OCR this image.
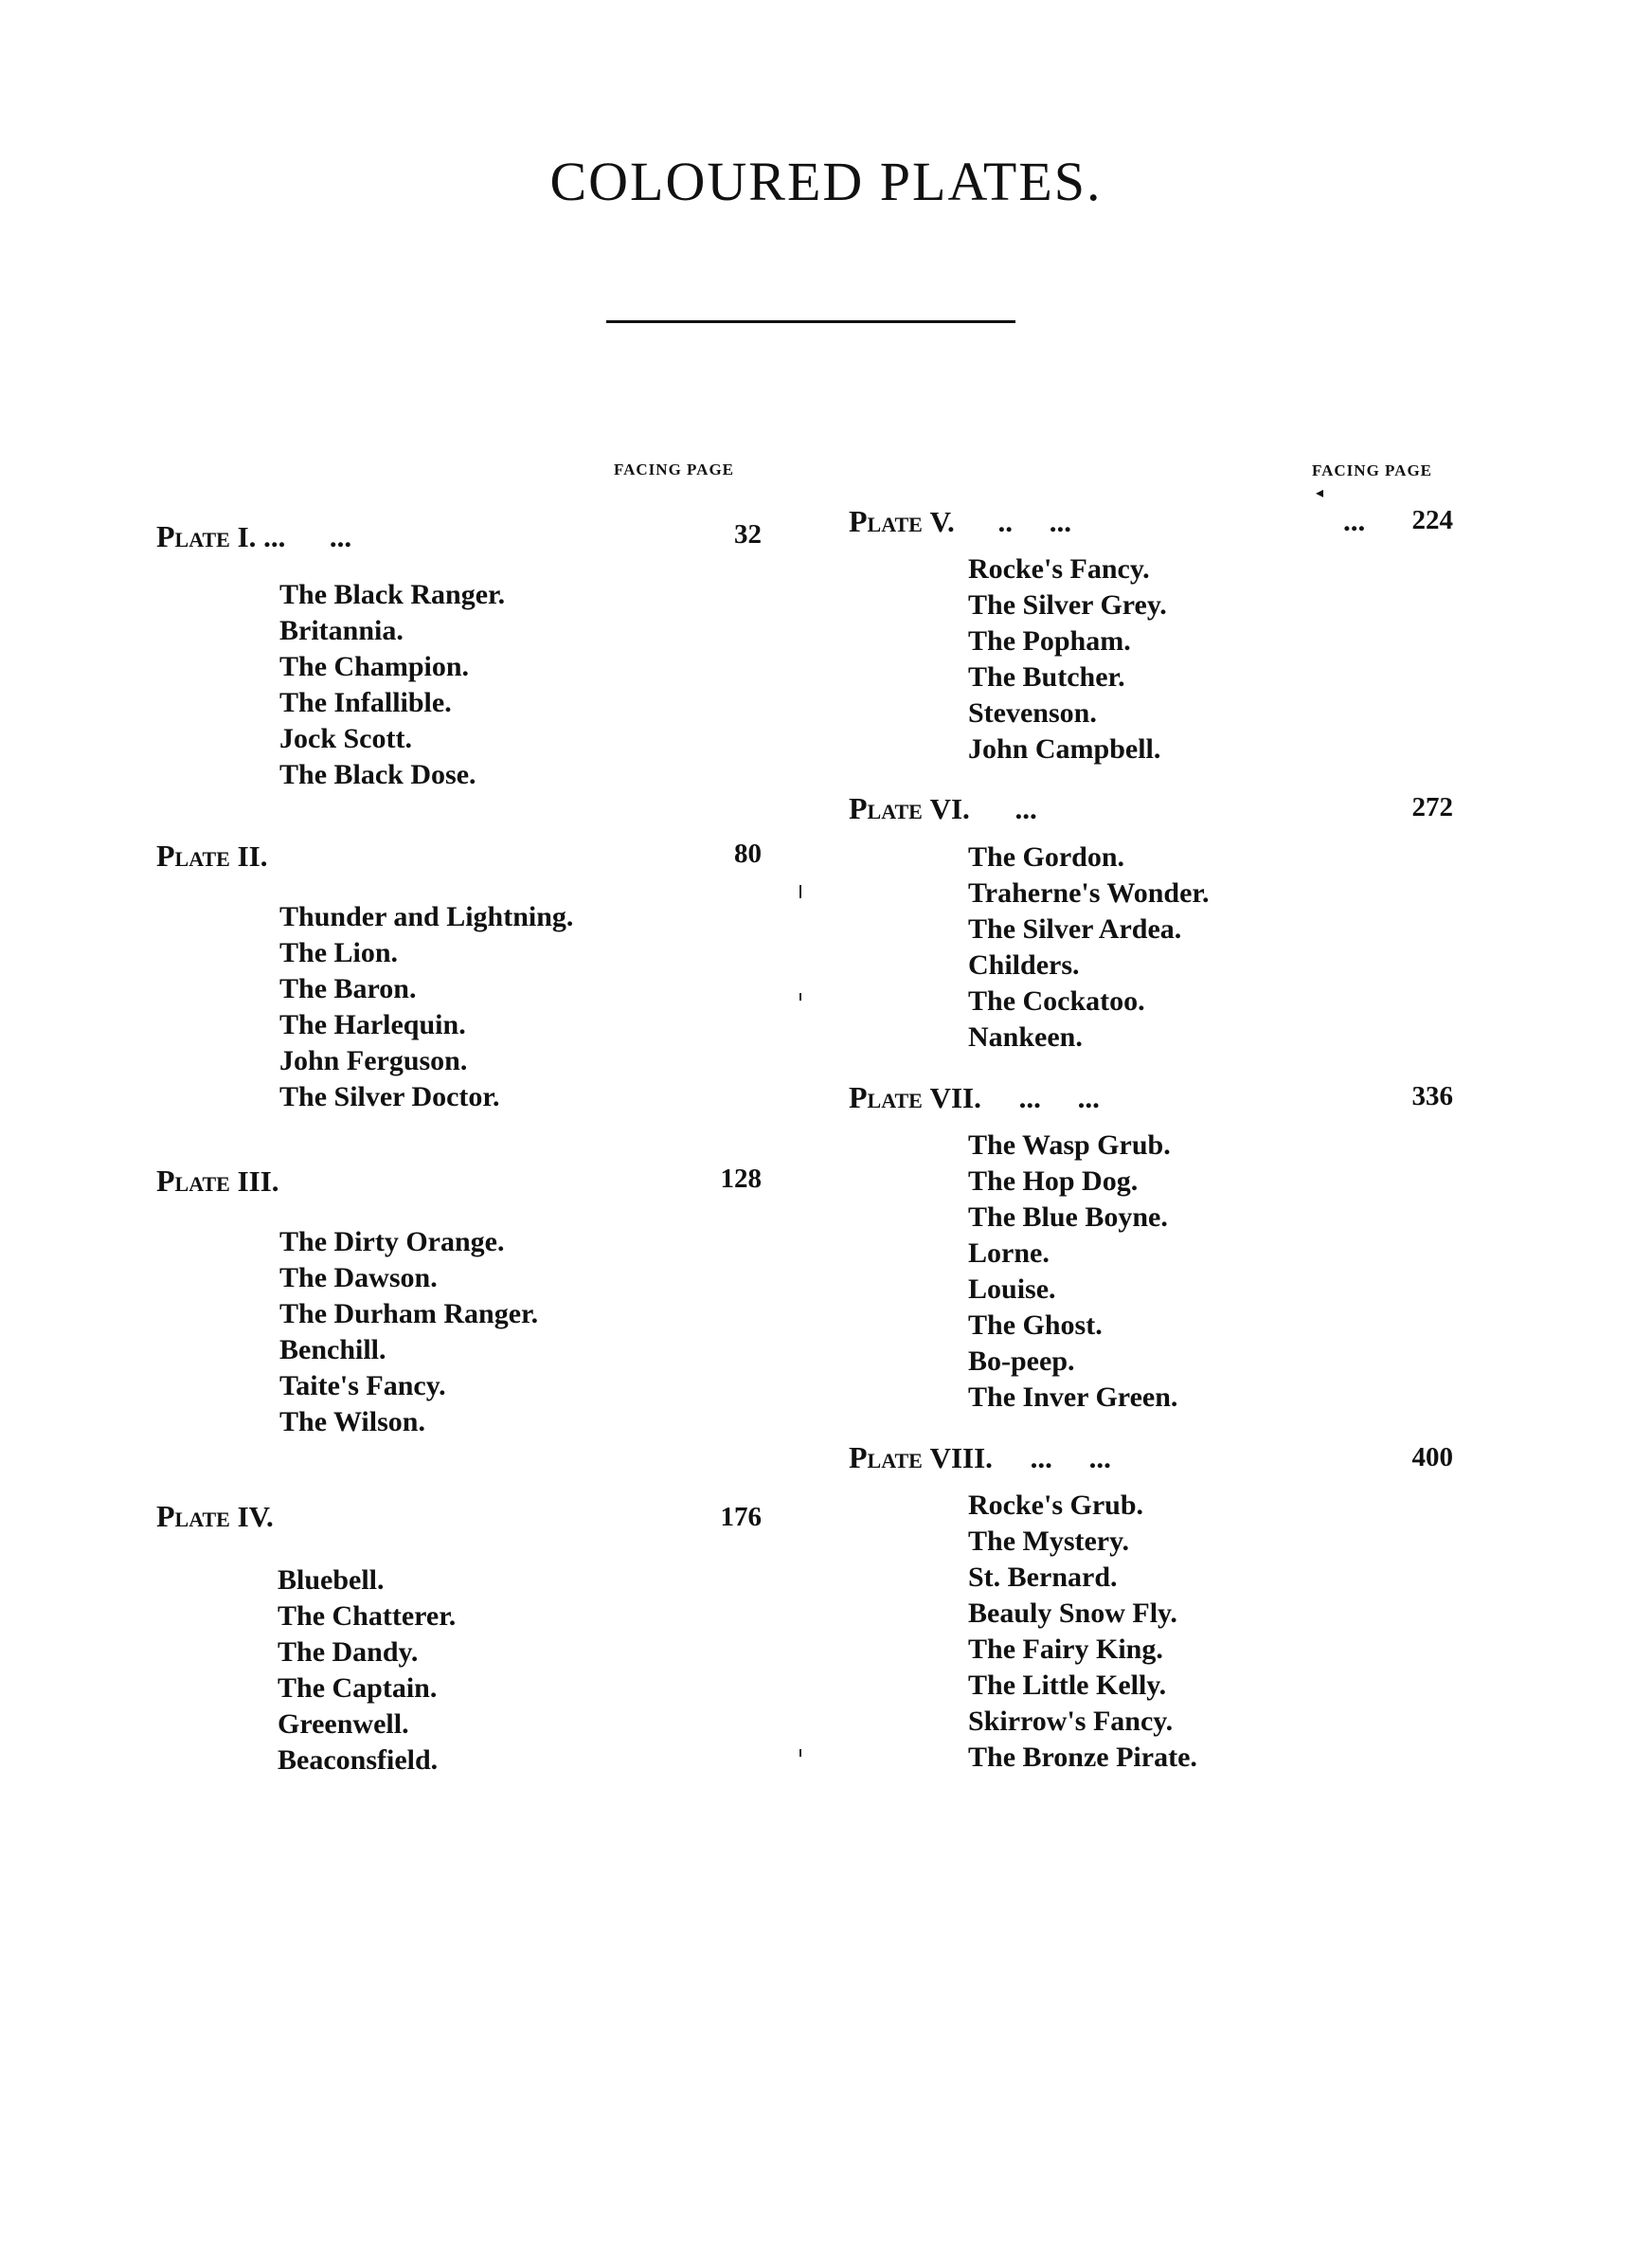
COLOURED PLATES.
FACING PAGE	FACING PAGE
◂
Plate I. ...      ...	32
The Black Ranger.
Britannia.
The Champion.
The Infallible.
Jock Scott.
The Black Dose.
Plate II.	80
Thunder and Lightning.
The Lion.
The Baron.
The Harlequin.
John Ferguson.
The Silver Doctor.
Plate III.	128
The Dirty Orange.
The Dawson.
The Durham Ranger.
Benchill.
Taite's Fancy.
The Wilson.
Plate IV.	176
Bluebell.
The Chatterer.
The Dandy.
The Captain.
Greenwell.
Beaconsfield.
Plate V. ..     ...	...	224
Rocke's Fancy.
The Silver Grey.
The Popham.
The Butcher.
Stevenson.
John Campbell.
Plate VI. ...	272
The Gordon.
Traherne's Wonder.
The Silver Ardea.
Childers.
The Cockatoo.
Nankeen.
Plate VII. ...     ...	336
The Wasp Grub.
The Hop Dog.
The Blue Boyne.
Lorne.
Louise.
The Ghost.
Bo-peep.
The Inver Green.
Plate VIII. ...     ...	400
Rocke's Grub.
The Mystery.
St. Bernard.
Beauly Snow Fly.
The Fairy King.
The Little Kelly.
Skirrow's Fancy.
The Bronze Pirate.
